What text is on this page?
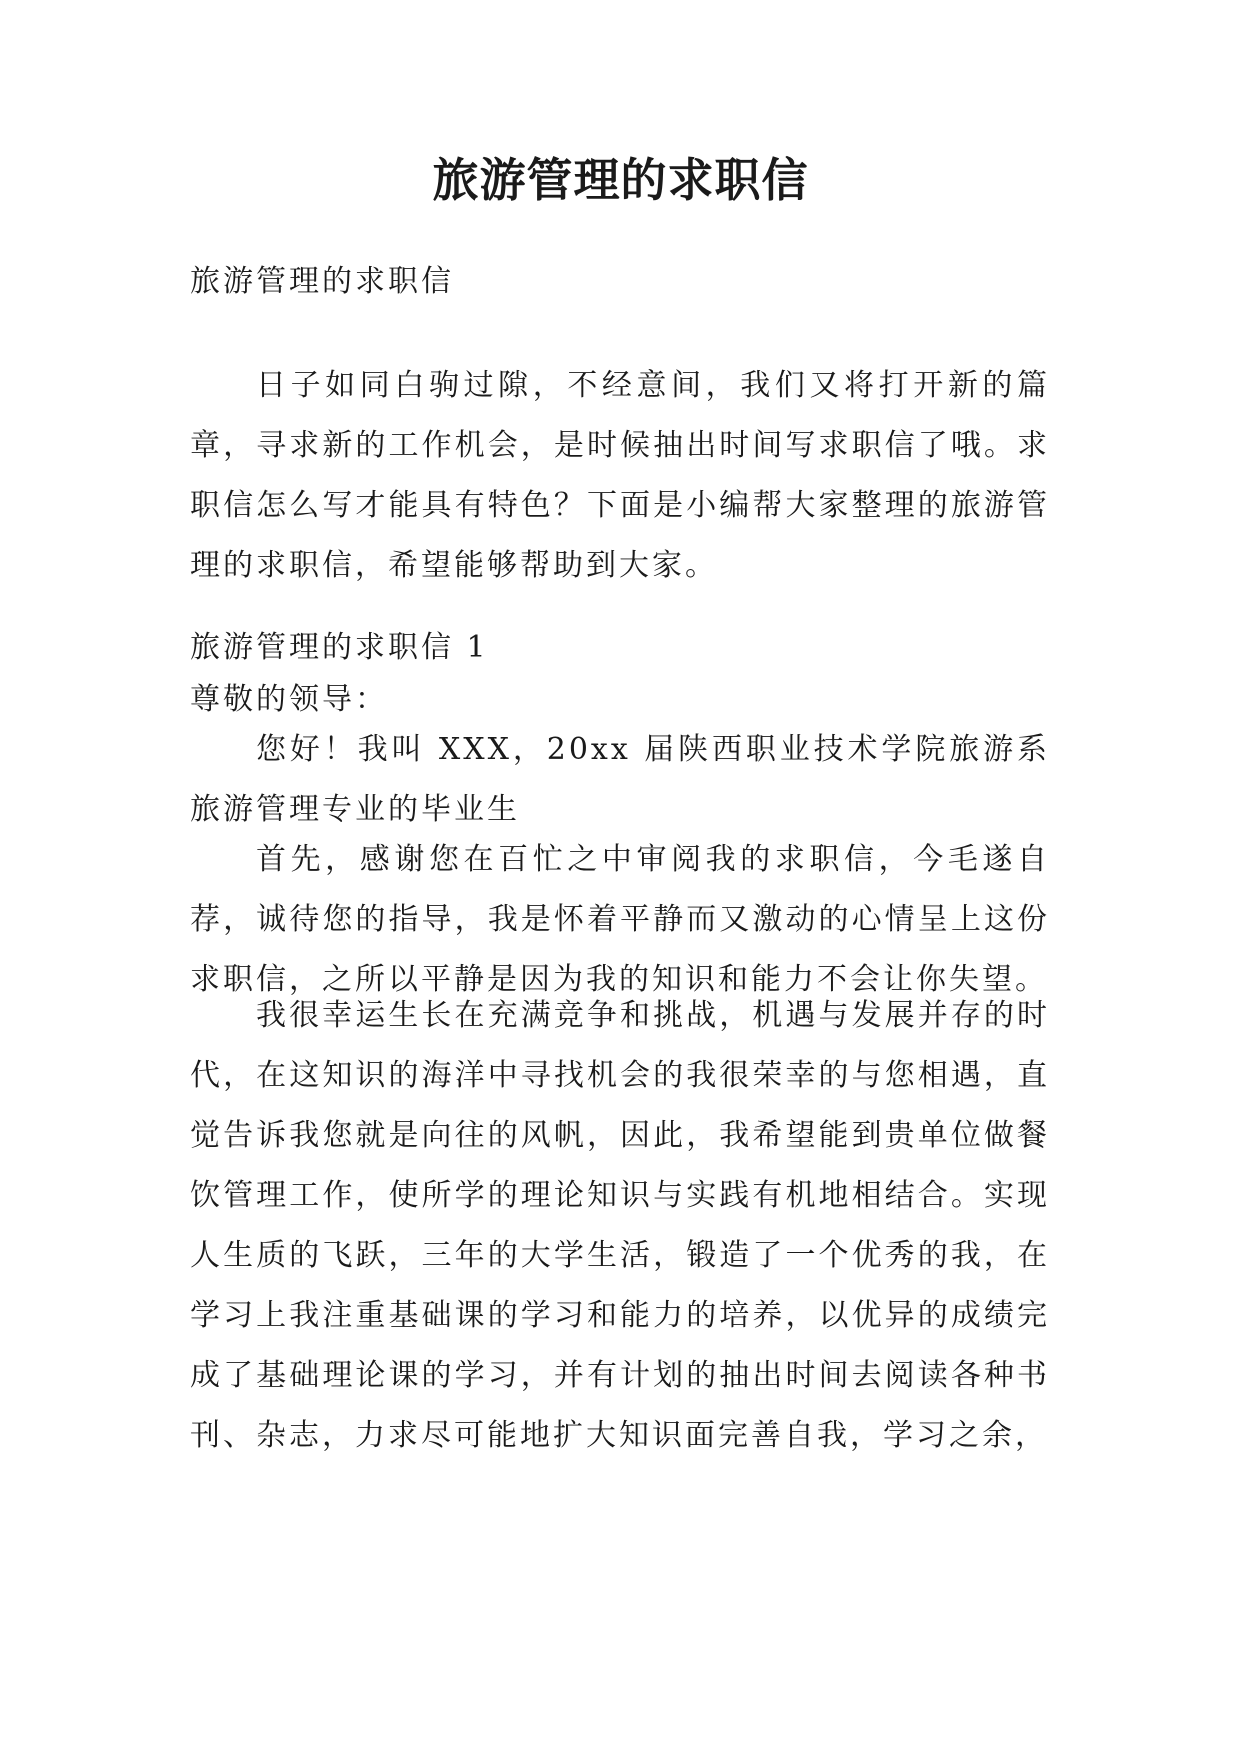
旅游管理的求职信

旅游管理的求职信

日子如同白驹过隙，不经意间，我们又将打开新的篇章，寻求新的工作机会，是时候抽出时间写求职信了哦。求职信怎么写才能具有特色？下面是小编帮大家整理的旅游管理的求职信，希望能够帮助到大家。

旅游管理的求职信 1

尊敬的领导：

您好！我叫 XXX，20xx 届陕西职业技术学院旅游系旅游管理专业的毕业生

首先，感谢您在百忙之中审阅我的求职信，今毛遂自荐，诚待您的指导，我是怀着平静而又激动的心情呈上这份求职信，之所以平静是因为我的知识和能力不会让你失望。

我很幸运生长在充满竞争和挑战，机遇与发展并存的时代，在这知识的海洋中寻找机会的我很荣幸的与您相遇，直觉告诉我您就是向往的风帆，因此，我希望能到贵单位做餐饮管理工作，使所学的理论知识与实践有机地相结合。实现人生质的飞跃，三年的大学生活，锻造了一个优秀的我，在学习上我注重基础课的学习和能力的培养，以优异的成绩完成了基础理论课的学习，并有计划的抽出时间去阅读各种书刊、杂志，力求尽可能地扩大知识面完善自我，学习之余，
